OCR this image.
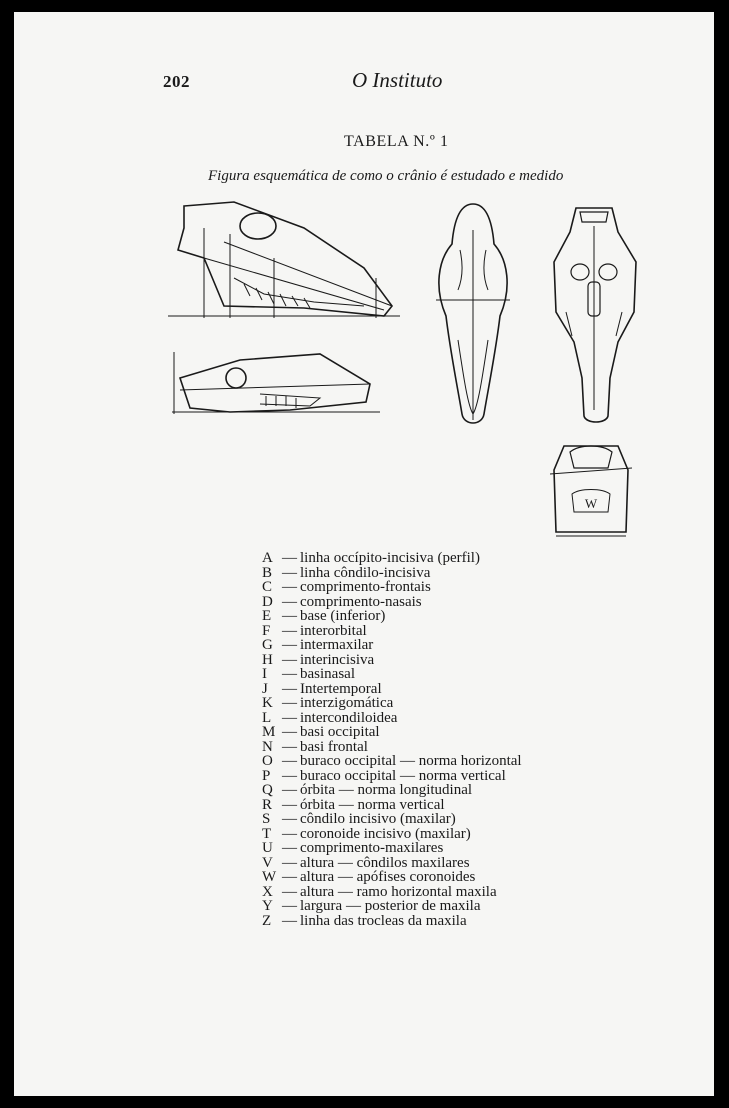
202	O Instituto
TABELA N.º 1
Figura esquemática de como o crânio é estudado e medido
W
A — linha occípito-incisiva (perfil)
B — linha côndilo-incisiva
C — comprimento-frontais
D — comprimento-nasais
E — base (inferior)
F — interorbital
G — intermaxilar
H — interincisiva
I	— basinasal
J — Intertemporal
K — interzigomática
L — intercondiloidea
M — basi occipital
N — basi frontal
O — buraco occipital — norma horizontal
P — buraco occipital — norma vertical
Q — órbita — norma longitudinal
R — órbita — norma vertical
S — côndilo incisivo (maxilar)
T — coronoide incisivo (maxilar)
U — comprimento-maxilares
V — altura — côndilos maxilares
W — altura — apófises coronoides
X — altura — ramo horizontal maxila
Y — largura — posterior de maxila
Z — linha das trocleas da maxila
